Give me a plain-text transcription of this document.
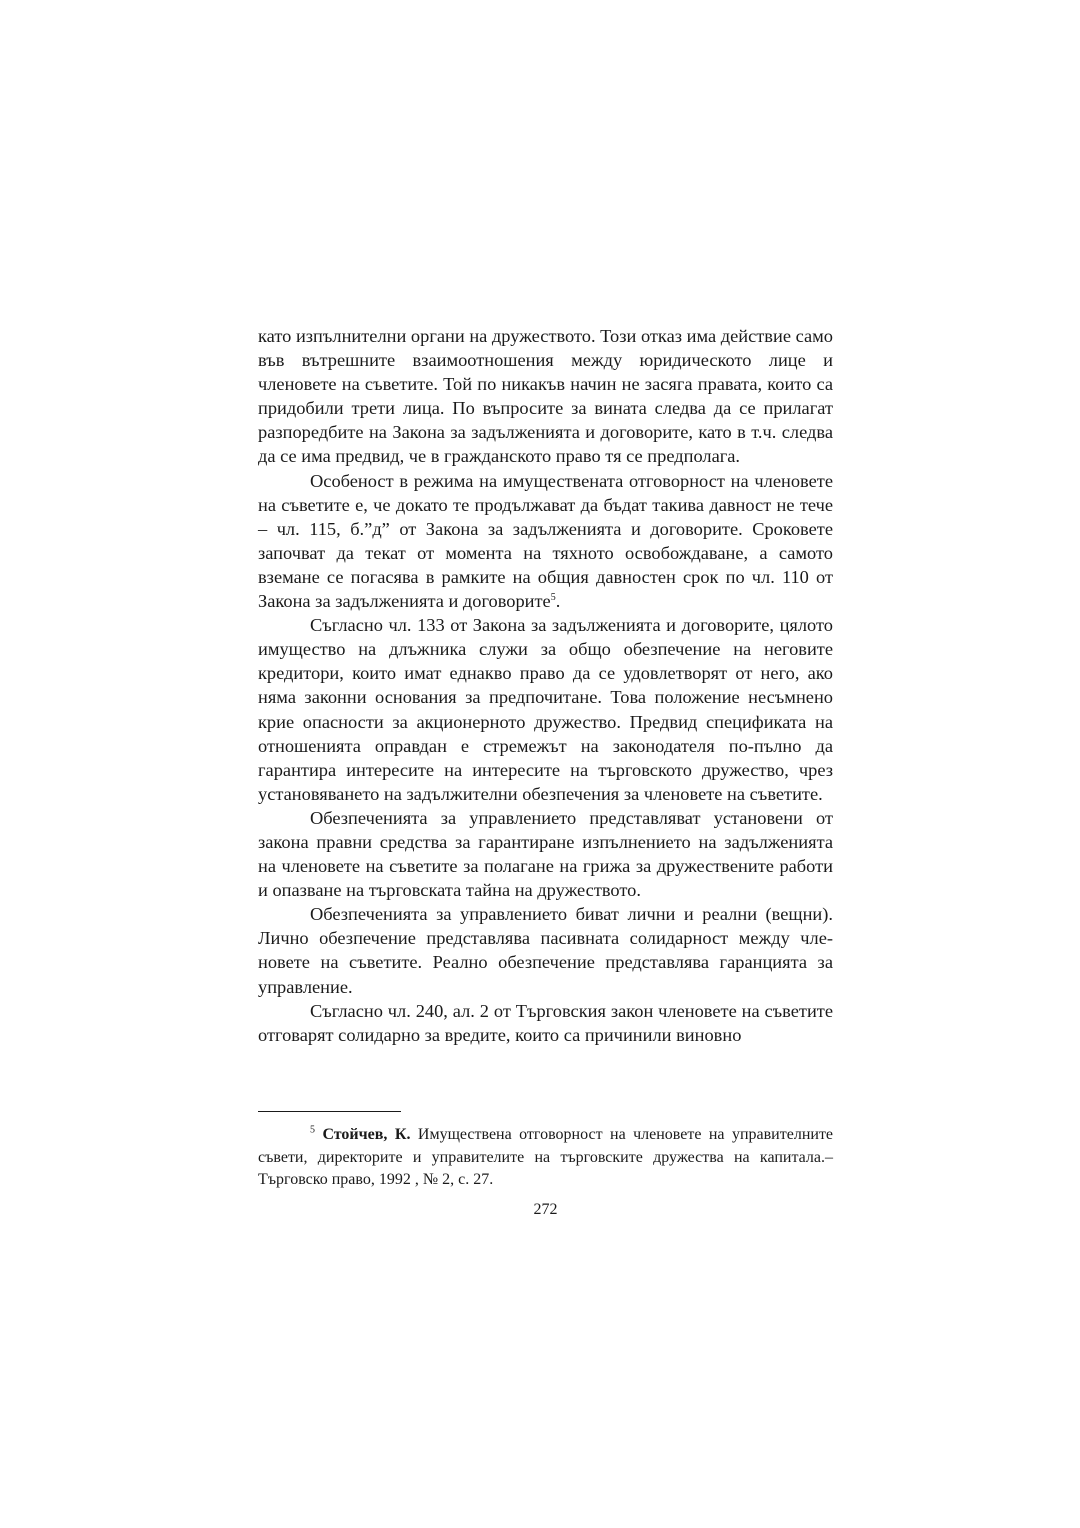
като изпълнителни органи на дружеството. Този отказ има действие само във вътрешните взаимоотношения между юридическото лице и членовете на съветите. Той по никакъв начин не засяга правата, които са придобили трети лица. По въпросите за вината следва да се прилагат разпоредбите на Закона за задълженията и договорите, като в т.ч. следва да се има предвид, че в гражданското право тя се предполага.

Особеност в режима на имуществената отговорност на членовете на съветите е, че докато те продължават да бъдат такива давност не тече – чл. 115, б.”д” от Закона за задълженията и договорите. Сроковете започват да текат от момента на тяхното освобождаване, а самото вземане се погасява в рамките на общия давностен срок по чл. 110 от Закона за задълженията и договорите$^5$.

Съгласно чл. 133 от Закона за задълженията и договорите, цялото имущество на длъжника служи за общо обезпечение на неговите кредитори, които имат еднакво право да се удовлетворят от него, ако няма законни основания за предпочитане. Това положение несъмнено крие опасности за акционерното дружество. Предвид спецификата на отношенията оправдан е стремежът на законодателя по-пълно да гарантира интересите на интересите на търговското дружество, чрез установяването на задължителни обезпечения за членовете на съветите.

Обезпеченията за управлението представляват установени от закона правни средства за гарантиране изпълнението на задълженията на членовете на съветите за полагане на грижа за дружествените работи и опазване на търговската тайна на дружеството.

Обезпеченията за управлението биват лични и реални (вещни). Лично обезпечение представлява пасивната солидарност между членовете на съветите. Реално обезпечение представлява гаранцията за управление.

Съгласно чл. 240, ал. 2 от Търговския закон членовете на съветите отговарят солидарно за вредите, които са причинили виновно

$^5$ Стойчев, К. Имуществена отговорност на членовете на управителните съвети, директорите и управителите на търговските дружества на капитала.– Търговско право, 1992 , № 2, с. 27.

272
